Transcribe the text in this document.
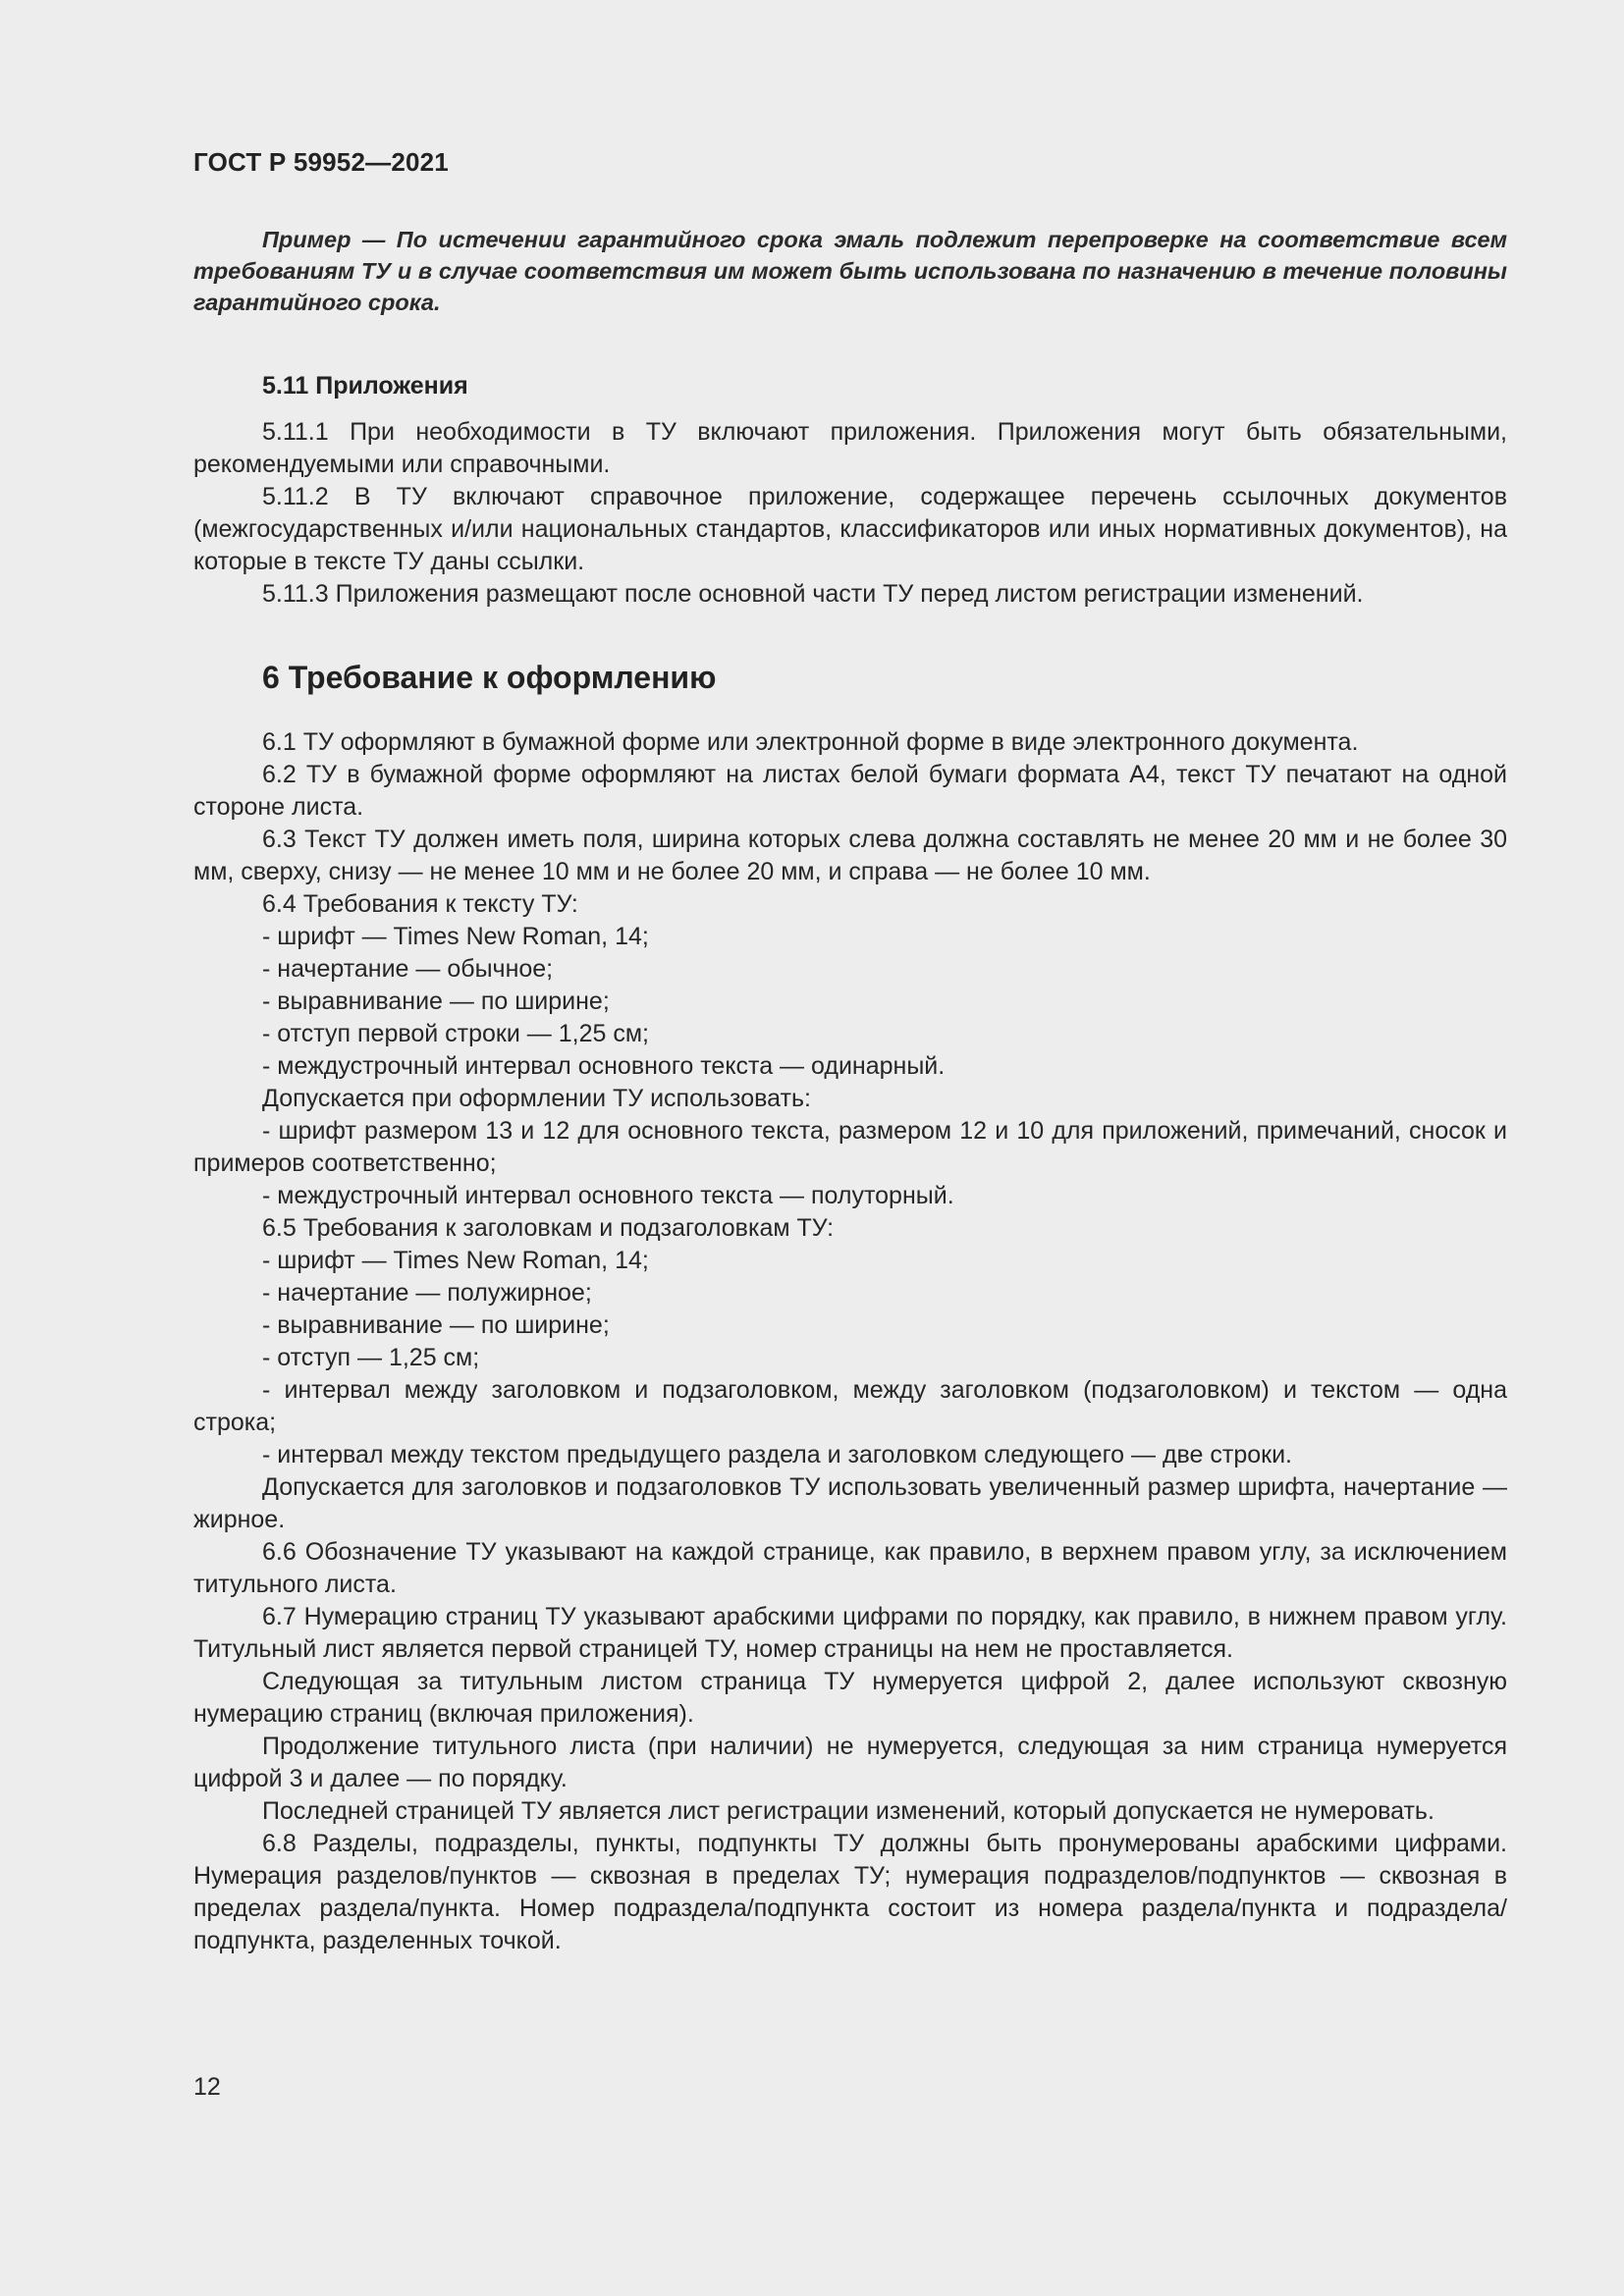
ГОСТ Р 59952—2021

Пример — По истечении гарантийного срока эмаль подлежит перепроверке на соответствие всем требованиям ТУ и в случае соответствия им может быть использована по назначению в течение половины гарантийного срока.

5.11 Приложения

5.11.1 При необходимости в ТУ включают приложения. Приложения могут быть обязательными, рекомендуемыми или справочными.

5.11.2 В ТУ включают справочное приложение, содержащее перечень ссылочных документов (межгосударственных и/или национальных стандартов, классификаторов или иных нормативных документов), на которые в тексте ТУ даны ссылки.

5.11.3 Приложения размещают после основной части ТУ перед листом регистрации изменений.

6 Требование к оформлению

6.1 ТУ оформляют в бумажной форме или электронной форме в виде электронного документа.

6.2 ТУ в бумажной форме оформляют на листах белой бумаги формата А4, текст ТУ печатают на одной стороне листа.

6.3 Текст ТУ должен иметь поля, ширина которых слева должна составлять не менее 20 мм и не более 30 мм, сверху, снизу — не менее 10 мм и не более 20 мм, и справа — не более 10 мм.

6.4 Требования к тексту ТУ:

- шрифт — Times New Roman, 14;

- начертание — обычное;

- выравнивание — по ширине;

- отступ первой строки — 1,25 см;

- междустрочный интервал основного текста — одинарный.

Допускается при оформлении ТУ использовать:

- шрифт размером 13 и 12 для основного текста, размером 12 и 10 для приложений, примечаний, сносок и примеров соответственно;

- междустрочный интервал основного текста — полуторный.

6.5 Требования к заголовкам и подзаголовкам ТУ:

- шрифт — Times New Roman, 14;

- начертание — полужирное;

- выравнивание — по ширине;

- отступ — 1,25 см;

- интервал между заголовком и подзаголовком, между заголовком (подзаголовком) и текстом — одна строка;

- интервал между текстом предыдущего раздела и заголовком следующего — две строки.

Допускается для заголовков и подзаголовков ТУ использовать увеличенный размер шрифта, начертание — жирное.

6.6 Обозначение ТУ указывают на каждой странице, как правило, в верхнем правом углу, за исключением титульного листа.

6.7 Нумерацию страниц ТУ указывают арабскими цифрами по порядку, как правило, в нижнем правом углу. Титульный лист является первой страницей ТУ, номер страницы на нем не проставляется.

Следующая за титульным листом страница ТУ нумеруется цифрой 2, далее используют сквозную нумерацию страниц (включая приложения).

Продолжение титульного листа (при наличии) не нумеруется, следующая за ним страница нумеруется цифрой 3 и далее — по порядку.

Последней страницей ТУ является лист регистрации изменений, который допускается не нумеровать.

6.8 Разделы, подразделы, пункты, подпункты ТУ должны быть пронумерованы арабскими цифрами. Нумерация разделов/пунктов — сквозная в пределах ТУ; нумерация подразделов/подпунктов — сквозная в пределах раздела/пункта. Номер подраздела/подпункта состоит из номера раздела/пункта и подраздела/подпункта, разделенных точкой.

12
